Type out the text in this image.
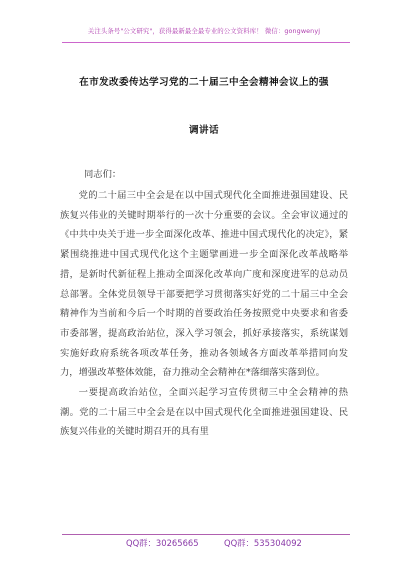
关注头条号"公文研究"，获得最新最全最专业的公文资料库！ 微信：gongwenyj
在市发改委传达学习党的二十届三中全会精神会议上的强
调讲话
同志们：

党的二十届三中全会是在以中国式现代化全面推进强国建设、民族复兴伟业的关键时期举行的一次十分重要的会议。全会审议通过的《中共中央关于进一步全面深化改革、推进中国式现代化的决定》，紧紧围绕推进中国式现代化这个主题擘画进一步全面深化改革战略举措，是新时代新征程上推动全面深化改革向广度和深度进军的总动员总部署。全体党员领导干部要把学习贯彻落实好党的二十届三中全会精神作为当前和今后一个时期的首要政治任务按照党中央要求和省委市委部署，提高政治站位，深入学习领会，抓好承接落实，系统谋划实施好政府系统各项改革任务，推动各领域各方面改革举措同向发力，增强改革整体效能，奋力推动全会精神在*落细落实落到位。

一要提高政治站位，全面兴起学习宣传贯彻三中全会精神的热潮。党的二十届三中全会是在以中国式现代化全面推进强国建设、民族复兴伟业的关键时期召开的具有里

QQ群：30265665	QQ群：535304092
